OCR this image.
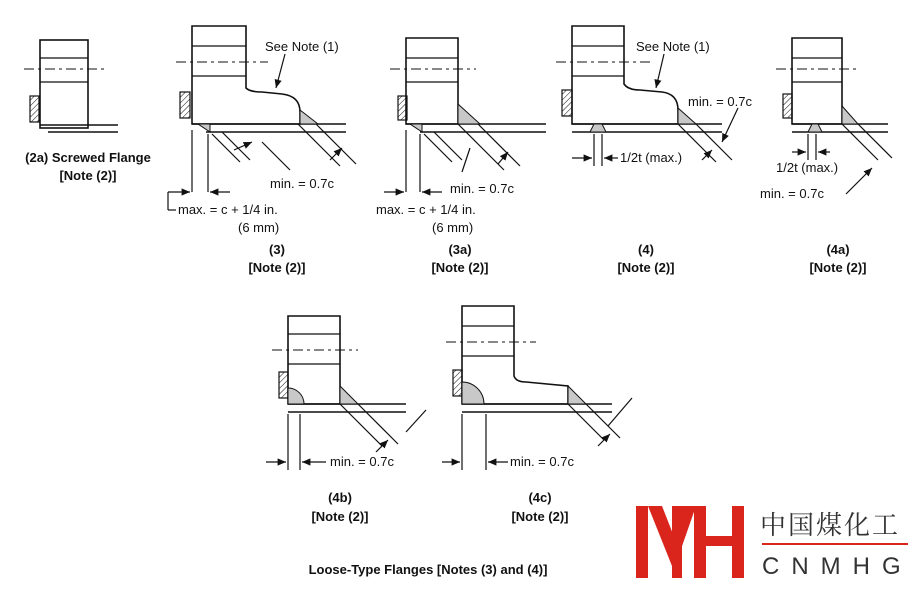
(2a) Screwed Flange
[Note (2)]
See Note (1)
min. = 0.7c
max. = c + 1/4 in.
(6 mm)
(3)
[Note (2)]
min. = 0.7c
max. = c + 1/4 in.
(6 mm)
(3a)
[Note (2)]
See Note (1)
min. = 0.7c
1/2t (max.)
(4)
[Note (2)]
1/2t (max.)
min. = 0.7c
(4a)
[Note (2)]
min. = 0.7c
(4b)
[Note (2)]
min. = 0.7c
(4c)
[Note (2)]
Loose-Type Flanges [Notes (3) and (4)]
中国煤化工
CNMHG
